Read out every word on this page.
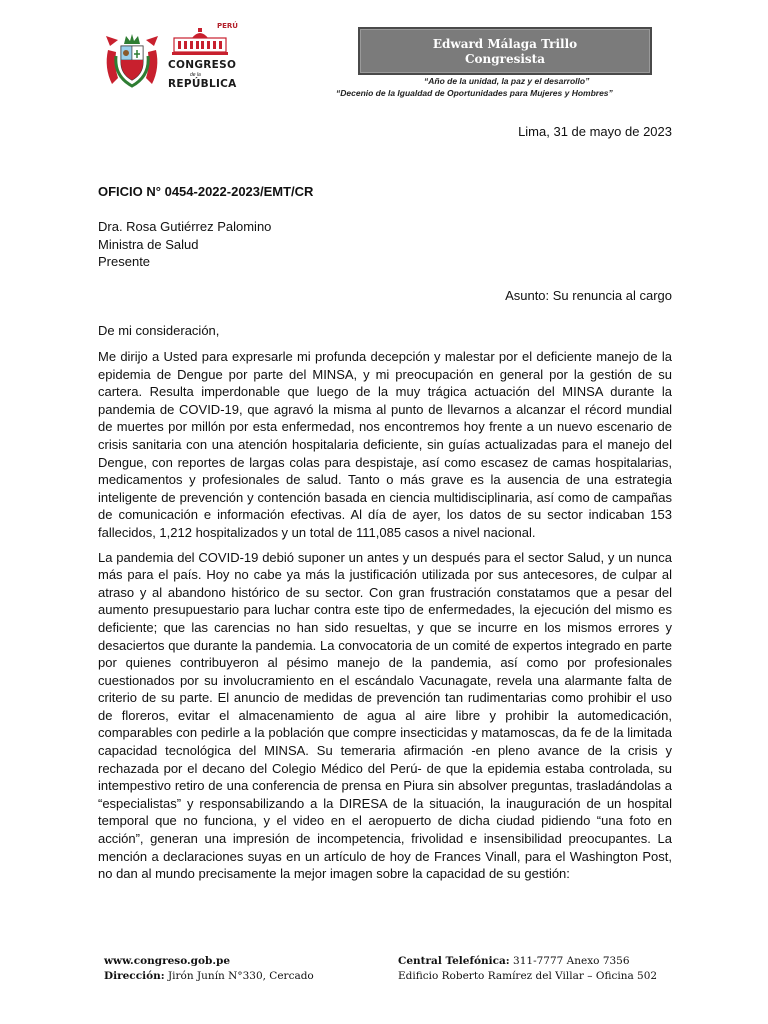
PERÚ
CONGRESO
de la
REPÚBLICA
Edward Málaga Trillo
Congresista
“Año de la unidad, la paz y el desarrollo”
“Decenio de la Igualdad de Oportunidades para Mujeres y Hombres”
Lima, 31 de mayo de 2023
OFICIO N° 0454-2022-2023/EMT/CR
Dra. Rosa Gutiérrez Palomino
Ministra de Salud
Presente
Asunto: Su renuncia al cargo
De mi consideración,

Me dirijo a Usted para expresarle mi profunda decepción y malestar por el deficiente manejo de la epidemia de Dengue por parte del MINSA, y mi preocupación en general por la gestión de su cartera. Resulta imperdonable que luego de la muy trágica actuación del MINSA durante la pandemia de COVID-19, que agravó la misma al punto de llevarnos a alcanzar el récord mundial de muertes por millón por esta enfermedad, nos encontremos hoy frente a un nuevo escenario de crisis sanitaria con una atención hospitalaria deficiente, sin guías actualizadas para el manejo del Dengue, con reportes de largas colas para despistaje, así como escasez de camas hospitalarias, medicamentos y profesionales de salud. Tanto o más grave es la ausencia de una estrategia inteligente de prevención y contención basada en ciencia multidisciplinaria, así como de campañas de comunicación e información efectivas. Al día de ayer, los datos de su sector indicaban 153 fallecidos, 1,212 hospitalizados y un total de 111,085 casos a nivel nacional.

La pandemia del COVID-19 debió suponer un antes y un después para el sector Salud, y un nunca más para el país. Hoy no cabe ya más la justificación utilizada por sus antecesores, de culpar al atraso y al abandono histórico de su sector. Con gran frustración constatamos que a pesar del aumento presupuestario para luchar contra este tipo de enfermedades, la ejecución del mismo es deficiente; que las carencias no han sido resueltas, y que se incurre en los mismos errores y desaciertos que durante la pandemia. La convocatoria de un comité de expertos integrado en parte por quienes contribuyeron al pésimo manejo de la pandemia, así como por profesionales cuestionados por su involucramiento en el escándalo Vacunagate, revela una alarmante falta de criterio de su parte. El anuncio de medidas de prevención tan rudimentarias como prohibir el uso de floreros, evitar el almacenamiento de agua al aire libre y prohibir la automedicación, comparables con pedirle a la población que compre insecticidas y matamoscas, da fe de la limitada capacidad tecnológica del MINSA. Su temeraria afirmación -en pleno avance de la crisis y rechazada por el decano del Colegio Médico del Perú- de que la epidemia estaba controlada, su intempestivo retiro de una conferencia de prensa en Piura sin absolver preguntas, trasladándolas a “especialistas” y responsabilizando a la DIRESA de la situación, la inauguración de un hospital temporal que no funciona, y el video en el aeropuerto de dicha ciudad pidiendo “una foto en acción”, generan una impresión de incompetencia, frivolidad e insensibilidad preocupantes. La mención a declaraciones suyas en un artículo de hoy de Frances Vinall, para el Washington Post, no dan al mundo precisamente la mejor imagen sobre la capacidad de su gestión:

www.congreso.gob.pe
Dirección: Jirón Junín N°330, Cercado
Central Telefónica: 311-7777 Anexo 7356
Edificio Roberto Ramírez del Villar – Oficina 502
